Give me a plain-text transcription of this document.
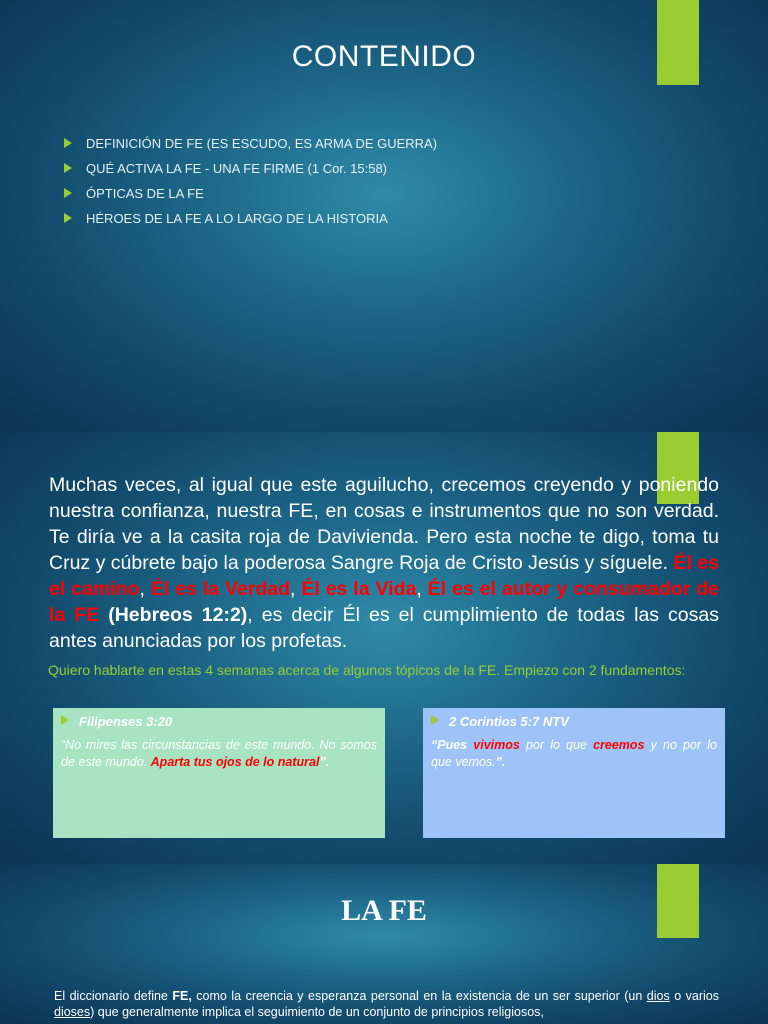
CONTENIDO
DEFINICIÓN DE FE (ES ESCUDO, ES ARMA DE GUERRA)
QUÉ ACTIVA LA FE - UNA FE FIRME (1 Cor. 15:58)
ÓPTICAS DE LA FE
HÉROES DE LA FE A LO LARGO DE LA HISTORIA
Muchas veces, al igual que este aguilucho, crecemos creyendo y poniendo nuestra confianza, nuestra FE, en cosas e instrumentos que no son verdad. Te diría ve a la casita roja de Davivienda. Pero esta noche te digo, toma tu Cruz y cúbrete bajo la poderosa Sangre Roja de Cristo Jesús y síguele. Él es el camino, Él es la Verdad, Él es la Vida, Él es el autor y consumador de la FE (Hebreos 12:2), es decir Él es el cumplimiento de todas las cosas antes anunciadas por los profetas.
Quiero hablarte en estas 4 semanas acerca de algunos tópicos de la FE. Empiezo con 2 fundamentos:
Filipenses 3:20
“No mires las circunstancias de este mundo. No somos de este mundo. Aparta tus ojos de lo natural”.
2 Corintios 5:7 NTV
“Pues vivimos por lo que creemos y no por lo que vemos.”.
LA FE
El diccionario define FE, como la creencia y esperanza personal en la existencia de un ser superior (un dios o varios dioses) que generalmente implica el seguimiento de un conjunto de principios religiosos,
